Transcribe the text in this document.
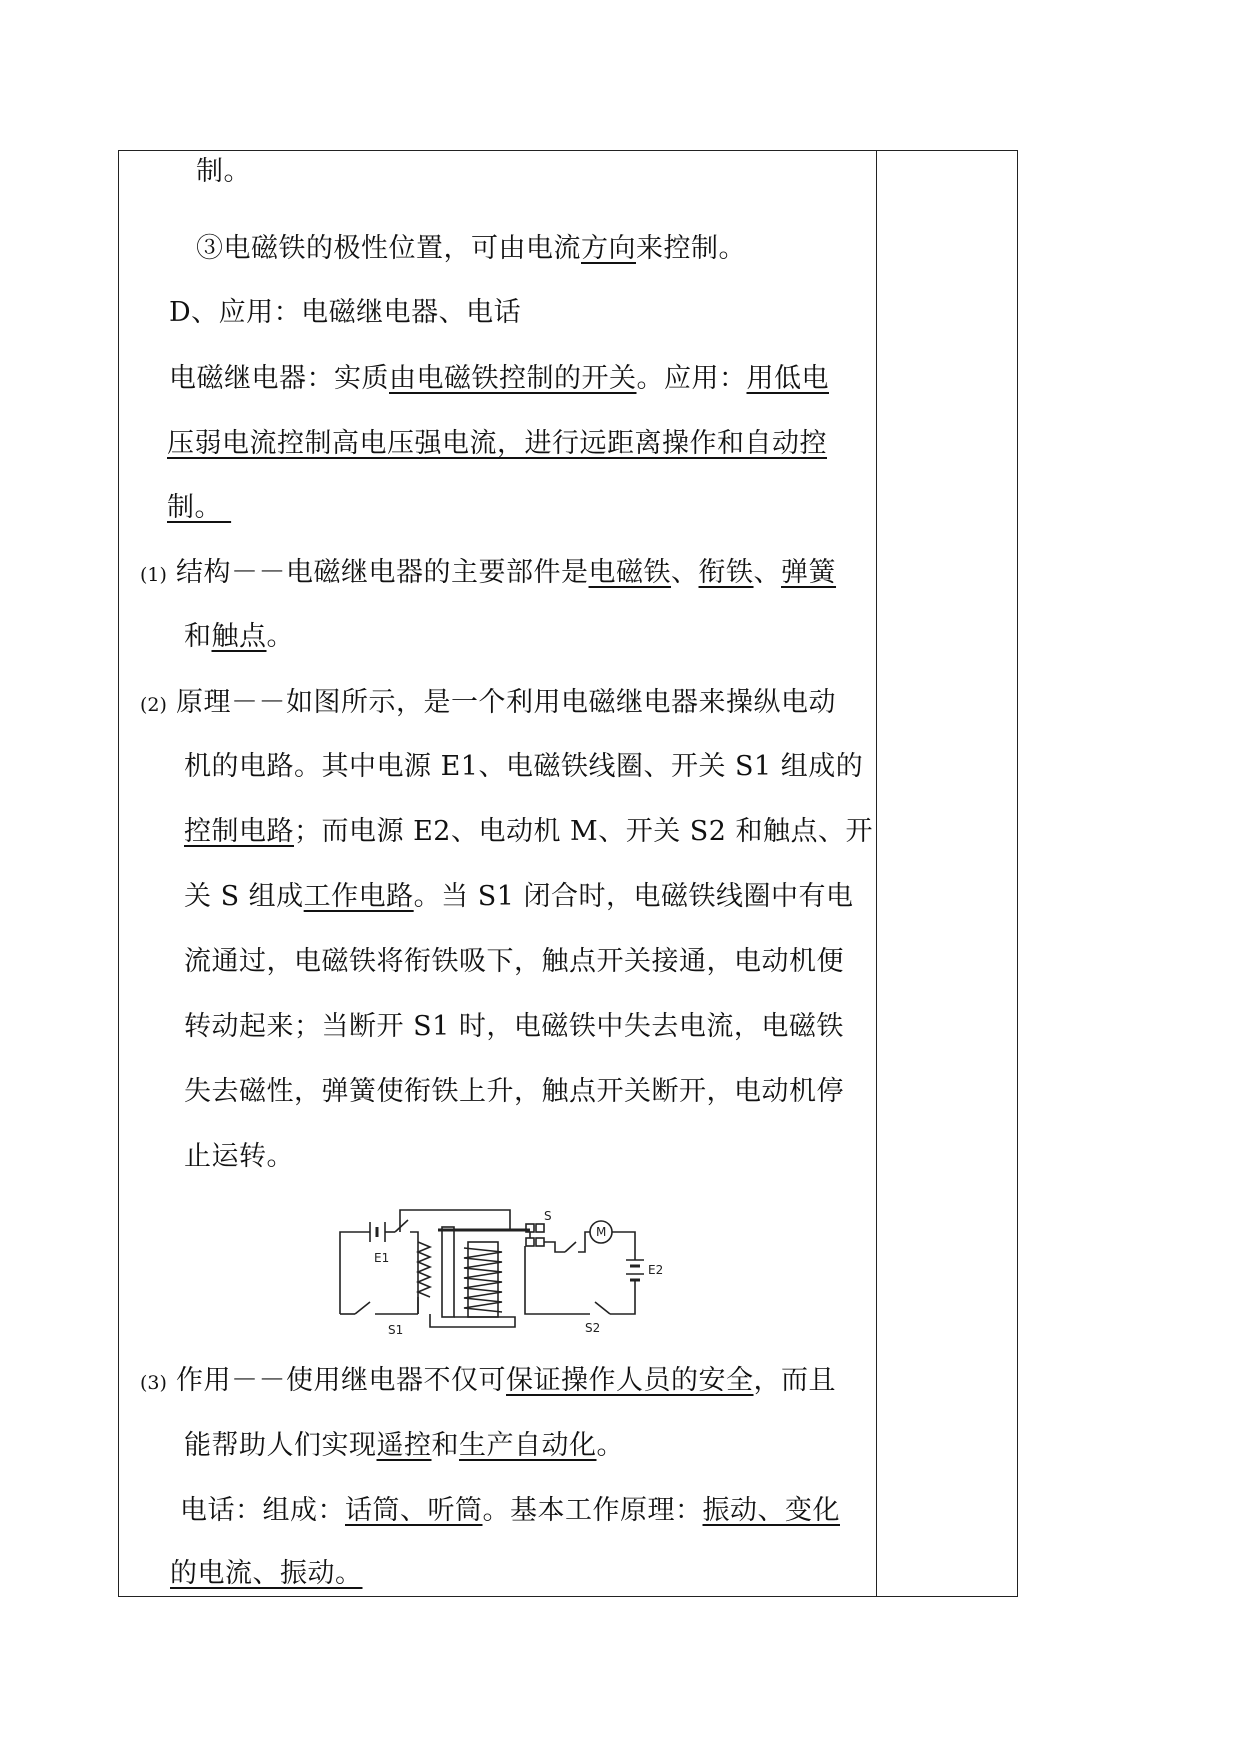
制。
③电磁铁的极性位置，可由电流方向来控制。
D、应用：电磁继电器、电话
电磁继电器：实质由电磁铁控制的开关。应用：用低电
压弱电流控制高电压强电流，进行远距离操作和自动控
制。
(1) 结构－－电磁继电器的主要部件是电磁铁、衔铁、弹簧
和触点。
(2) 原理－－如图所示，是一个利用电磁继电器来操纵电动
机的电路。其中电源 E1、电磁铁线圈、开关 S1 组成的
控制电路；而电源 E2、电动机 M、开关 S2 和触点、开
关 S 组成工作电路。当 S1 闭合时，电磁铁线圈中有电
流通过，电磁铁将衔铁吸下，触点开关接通，电动机便
转动起来；当断开 S1 时，电磁铁中失去电流，电磁铁
失去磁性，弹簧使衔铁上升，触点开关断开，电动机停
止运转。
(3) 作用－－使用继电器不仅可保证操作人员的安全，而且
能帮助人们实现遥控和生产自动化。
电话：组成：话筒、听筒。基本工作原理：振动、变化
的电流、振动。
E1
S1
S
M
E2
S2
